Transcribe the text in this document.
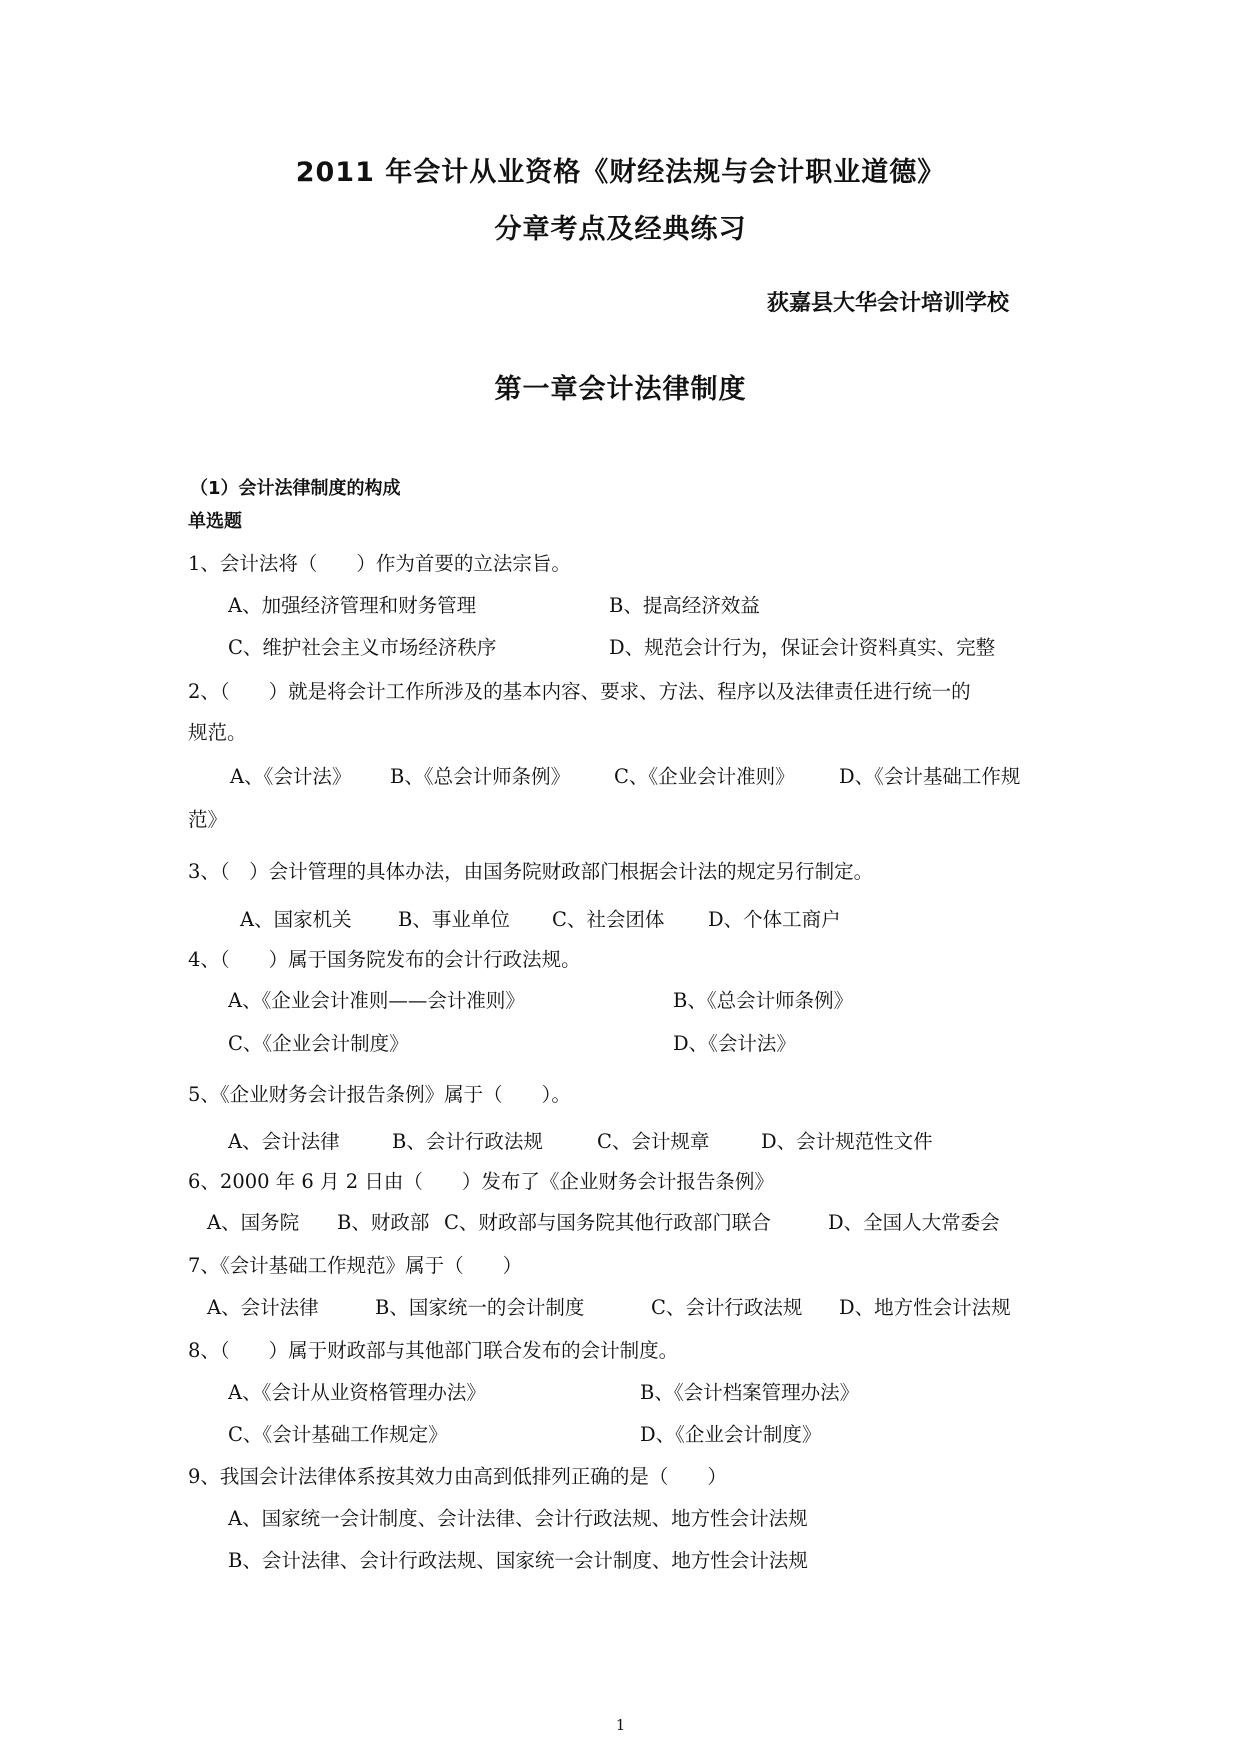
2011 年会计从业资格《财经法规与会计职业道德》
分章考点及经典练习
荻嘉县大华会计培训学校
第一章会计法律制度
（1）会计法律制度的构成
单选题
1、会计法将（　　）作为首要的立法宗旨。
A、加强经济管理和财务管理	B、提高经济效益
C、维护社会主义市场经济秩序	D、规范会计行为，保证会计资料真实、完整
2、（　　）就是将会计工作所涉及的基本内容、要求、方法、程序以及法律责任进行统一的
规范。
A、《会计法》 B、《总会计师条例》 C、《企业会计准则》 D、《会计基础工作规
范》
3、（　）会计管理的具体办法，由国务院财政部门根据会计法的规定另行制定。
A、国家机关 B、事业单位 C、社会团体 D、个体工商户
4、（　　）属于国务院发布的会计行政法规。
A、《企业会计准则——会计准则》	B、《总会计师条例》
C、《企业会计制度》	D、《会计法》
5、《企业财务会计报告条例》属于（　　）。
A、会计法律	B、会计行政法规	C、会计规章	D、会计规范性文件
6、2000 年 6 月 2 日由（　　）发布了《企业财务会计报告条例》
A、国务院 B、财政部 C、财政部与国务院其他行政部门联合	D、全国人大常委会
7、《会计基础工作规范》属于（　　）
A、会计法律	B、国家统一的会计制度	C、会计行政法规 D、地方性会计法规
8、（　　）属于财政部与其他部门联合发布的会计制度。
A、《会计从业资格管理办法》	B、《会计档案管理办法》
C、《会计基础工作规定》	D、《企业会计制度》
9、我国会计法律体系按其效力由高到低排列正确的是（　　）
A、国家统一会计制度、会计法律、会计行政法规、地方性会计法规
B、会计法律、会计行政法规、国家统一会计制度、地方性会计法规
1
